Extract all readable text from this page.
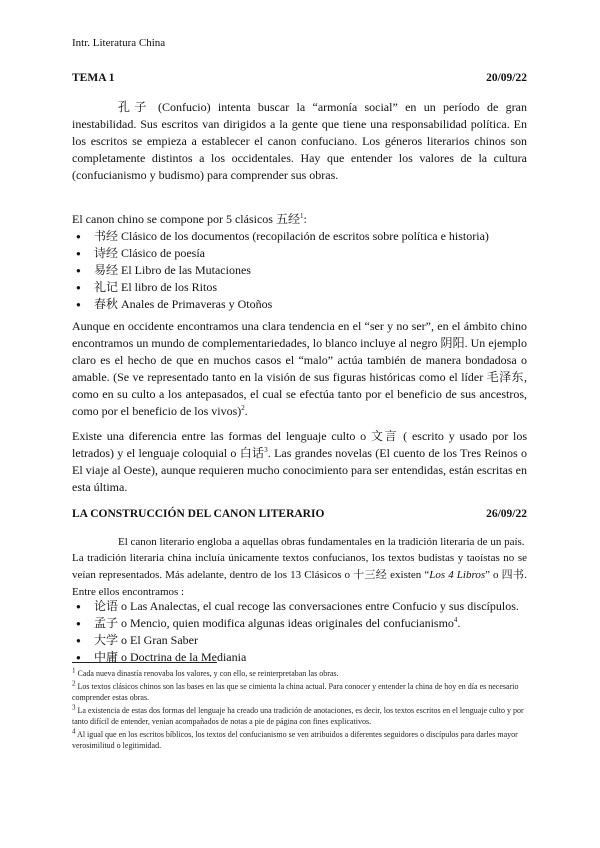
Intr. Literatura China
TEMA 1	20/09/22

孔子 (Confucio) intenta buscar la “armonía social” en un período de gran inestabilidad. Sus escritos van dirigidos a la gente que tiene una responsabilidad política. En los escritos se empieza a establecer el canon confuciano. Los géneros literarios chinos son completamente distintos a los occidentales. Hay que entender los valores de la cultura (confucianismo y budismo) para comprender sus obras.

El canon chino se compone por 5 clásicos 五经$^1$:

● 书经 Clásico de los documentos (recopilación de escritos sobre política e historia)
● 诗经 Clásico de poesía
● 易经 El Libro de las Mutaciones
● 礼记 El libro de los Ritos
● 春秋 Anales de Primaveras y Otoños

Aunque en occidente encontramos una clara tendencia en el “ser y no ser”, en el ámbito chino encontramos un mundo de complementariedades, lo blanco incluye al negro 阴阳. Un ejemplo claro es el hecho de que en muchos casos el “malo” actúa también de manera bondadosa o amable. (Se ve representado tanto en la visión de sus figuras históricas como el líder 毛泽东, como en su culto a los antepasados, el cual se efectúa tanto por el beneficio de sus ancestros, como por el beneficio de los vivos)$^2$.

Existe una diferencia entre las formas del lenguaje culto o 文言 ( escrito y usado por los letrados) y el lenguaje coloquial o 白话$^3$. Las grandes novelas (El cuento de los Tres Reinos o El viaje al Oeste), aunque requieren mucho conocimiento para ser entendidas, están escritas en esta última.

LA CONSTRUCCIÓN DEL CANON LITERARIO	26/09/22

El canon literario engloba a aquellas obras fundamentales en la tradición literaria de un país.

La tradición literaria china incluía únicamente textos confucianos, los textos budistas y taoístas no se veían representados. Más adelante, dentro de los 13 Clásicos o 十三经 existen “Los 4 Libros” o 四书. Entre ellos encontramos :

● 论语 o Las Analectas, el cual recoge las conversaciones entre Confucio y sus discípulos.
● 孟子 o Mencio, quien modifica algunas ideas originales del confucianismo$^4$.
● 大学 o El Gran Saber
● 中庸 o Doctrina de la Mediania
$^1$ Cada nueva dinastía renovaba los valores, y con ello, se reinterpretaban las obras.
$^2$ Los textos clásicos chinos son las bases en las que se cimienta la china actual. Para conocer y entender la china de hoy en día es necesario comprender estas obras.
$^3$ La existencia de estas dos formas del lenguaje ha creado una tradición de anotaciones, es decir, los textos escritos en el lenguaje culto y por tanto difícil de entender, venían acompañados de notas a pie de página con fines explicativos.
$^4$ Al igual que en los escritos bíblicos, los textos del confucianismo se ven atribuidos a diferentes seguidores o discípulos para darles mayor verosimilitud o legitimidad.
